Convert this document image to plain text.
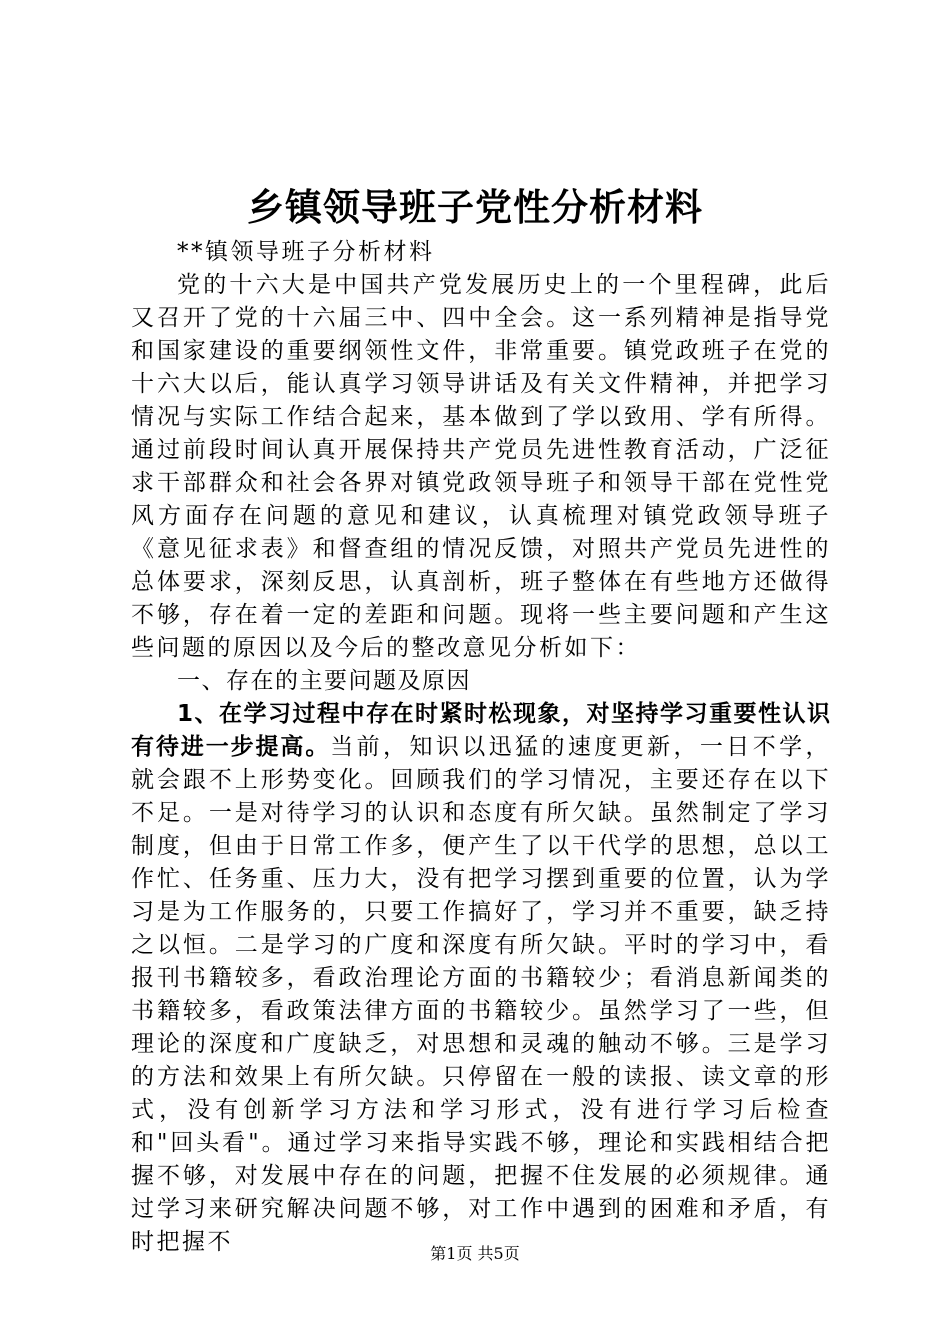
乡镇领导班子党性分析材料

**镇领导班子分析材料

党的十六大是中国共产党发展历史上的一个里程碑，此后又召开了党的十六届三中、四中全会。这一系列精神是指导党和国家建设的重要纲领性文件，非常重要。镇党政班子在党的十六大以后，能认真学习领导讲话及有关文件精神，并把学习情况与实际工作结合起来，基本做到了学以致用、学有所得。通过前段时间认真开展保持共产党员先进性教育活动，广泛征求干部群众和社会各界对镇党政领导班子和领导干部在党性党风方面存在问题的意见和建议，认真梳理对镇党政领导班子《意见征求表》和督查组的情况反馈，对照共产党员先进性的总体要求，深刻反思，认真剖析，班子整体在有些地方还做得不够，存在着一定的差距和问题。现将一些主要问题和产生这些问题的原因以及今后的整改意见分析如下：

一、存在的主要问题及原因

1、在学习过程中存在时紧时松现象，对坚持学习重要性认识有待进一步提高。当前，知识以迅猛的速度更新，一日不学，就会跟不上形势变化。回顾我们的学习情况，主要还存在以下不足。一是对待学习的认识和态度有所欠缺。虽然制定了学习制度，但由于日常工作多，便产生了以干代学的思想，总以工作忙、任务重、压力大，没有把学习摆到重要的位置，认为学习是为工作服务的，只要工作搞好了，学习并不重要，缺乏持之以恒。二是学习的广度和深度有所欠缺。平时的学习中，看报刊书籍较多，看政治理论方面的书籍较少；看消息新闻类的书籍较多，看政策法律方面的书籍较少。虽然学习了一些，但理论的深度和广度缺乏，对思想和灵魂的触动不够。三是学习的方法和效果上有所欠缺。只停留在一般的读报、读文章的形式，没有创新学习方法和学习形式，没有进行学习后检查和"回头看"。通过学习来指导实践不够，理论和实践相结合把握不够，对发展中存在的问题，把握不住发展的必须规律。通过学习来研究解决问题不够，对工作中遇到的困难和矛盾，有时把握不	第1页 共5页
